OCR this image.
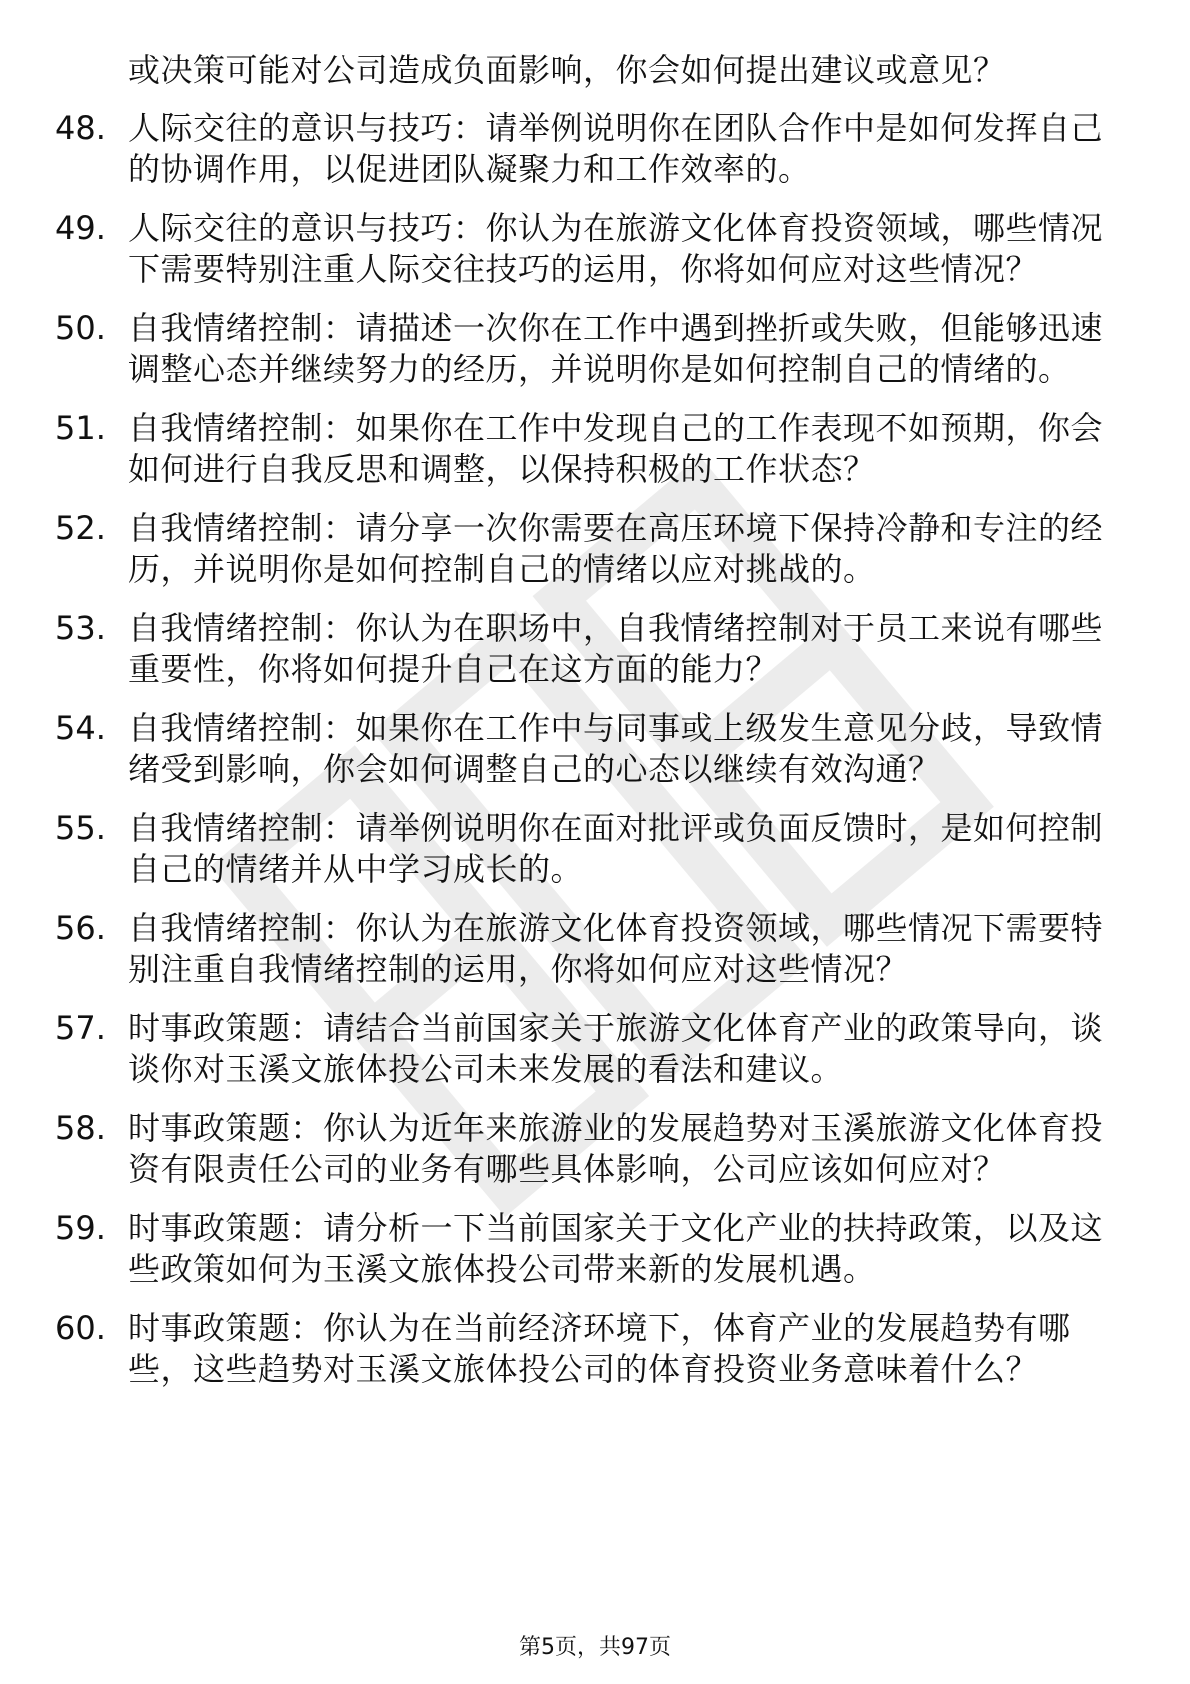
或决策可能对公司造成负面影响，你会如何提出建议或意见？
48. 人际交往的意识与技巧：请举例说明你在团队合作中是如何发挥自己的协调作用，以促进团队凝聚力和工作效率的。
49. 人际交往的意识与技巧：你认为在旅游文化体育投资领域，哪些情况下需要特别注重人际交往技巧的运用，你将如何应对这些情况？
50. 自我情绪控制：请描述一次你在工作中遇到挫折或失败，但能够迅速调整心态并继续努力的经历，并说明你是如何控制自己的情绪的。
51. 自我情绪控制：如果你在工作中发现自己的工作表现不如预期，你会如何进行自我反思和调整，以保持积极的工作状态？
52. 自我情绪控制：请分享一次你需要在高压环境下保持冷静和专注的经历，并说明你是如何控制自己的情绪以应对挑战的。
53. 自我情绪控制：你认为在职场中，自我情绪控制对于员工来说有哪些重要性，你将如何提升自己在这方面的能力？
54. 自我情绪控制：如果你在工作中与同事或上级发生意见分歧，导致情绪受到影响，你会如何调整自己的心态以继续有效沟通？
55. 自我情绪控制：请举例说明你在面对批评或负面反馈时，是如何控制自己的情绪并从中学习成长的。
56. 自我情绪控制：你认为在旅游文化体育投资领域，哪些情况下需要特别注重自我情绪控制的运用，你将如何应对这些情况？
57. 时事政策题：请结合当前国家关于旅游文化体育产业的政策导向，谈谈你对玉溪文旅体投公司未来发展的看法和建议。
58. 时事政策题：你认为近年来旅游业的发展趋势对玉溪旅游文化体育投资有限责任公司的业务有哪些具体影响，公司应该如何应对？
59. 时事政策题：请分析一下当前国家关于文化产业的扶持政策，以及这些政策如何为玉溪文旅体投公司带来新的发展机遇。
60. 时事政策题：你认为在当前经济环境下，体育产业的发展趋势有哪些，这些趋势对玉溪文旅体投公司的体育投资业务意味着什么？
第5页，共97页
